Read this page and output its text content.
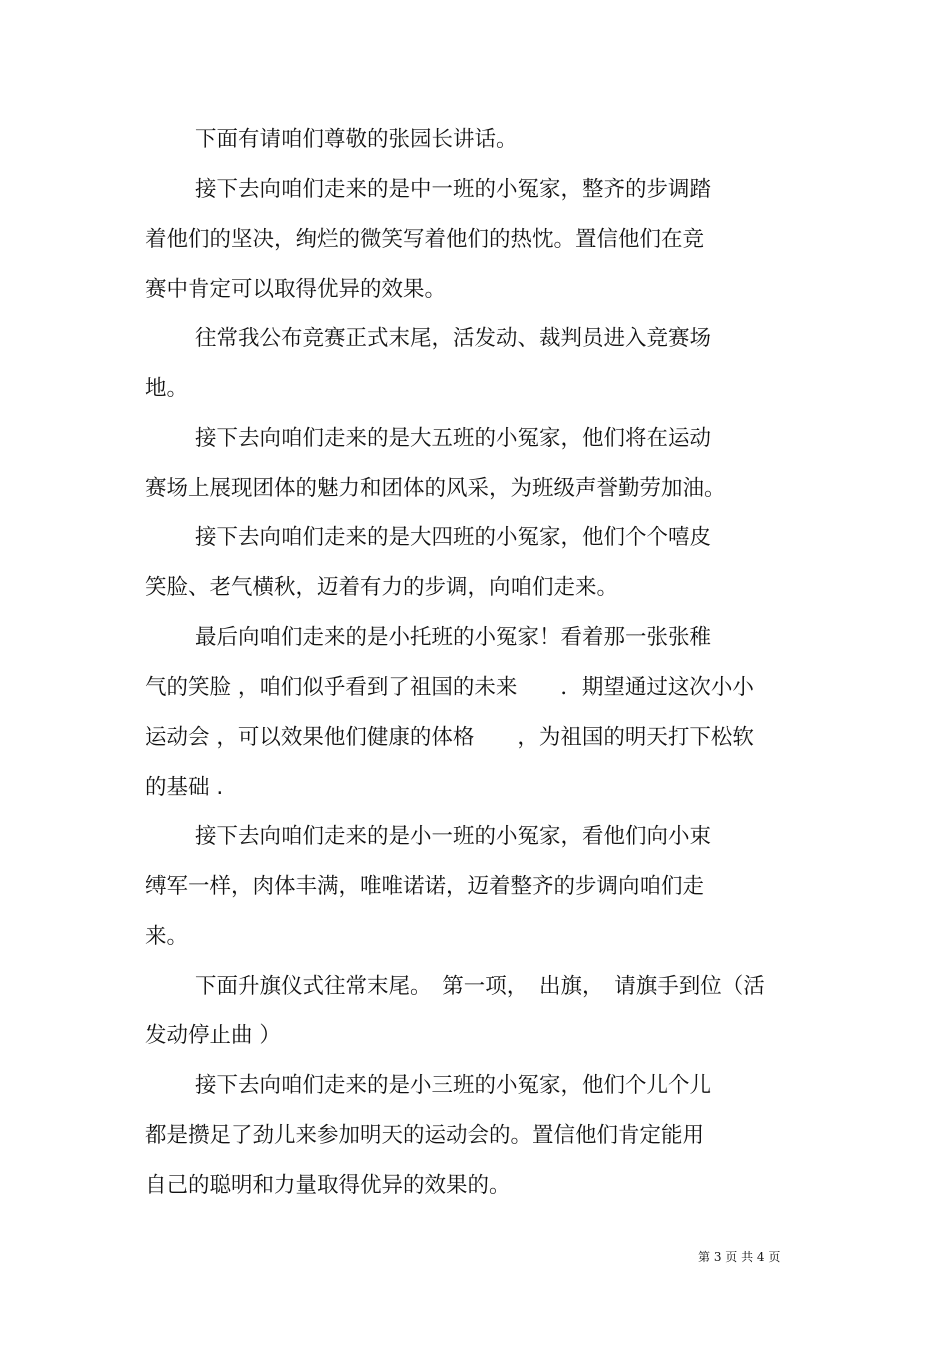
下面有请咱们尊敬的张园长讲话。
接下去向咱们走来的是中一班的小冤家，整齐的步调踏
着他们的坚决，绚烂的微笑写着他们的热忱。置信他们在竞
赛中肯定可以取得优异的效果。
往常我公布竞赛正式末尾，活发动、裁判员进入竞赛场
地。
接下去向咱们走来的是大五班的小冤家，他们将在运动
赛场上展现团体的魅力和团体的风采，为班级声誉勤劳加油。
接下去向咱们走来的是大四班的小冤家，他们个个嘻皮
笑脸、老气横秋，迈着有力的步调，向咱们走来。
最后向咱们走来的是小托班的小冤家！看着那一张张稚
气的笑脸 ，咱们似乎看到了祖国的未来　　．期望通过这次小小
运动会 ，可以效果他们健康的体格　　，为祖国的明天打下松软
的基础 .
接下去向咱们走来的是小一班的小冤家，看他们向小束
缚军一样，肉体丰满，唯唯诺诺，迈着整齐的步调向咱们走
来。
下面升旗仪式往常末尾。　第一项，　出旗，　请旗手到位（活
发动停止曲 ）
接下去向咱们走来的是小三班的小冤家，他们个儿个儿
都是攒足了劲儿来参加明天的运动会的。置信他们肯定能用
自己的聪明和力量取得优异的效果的。
第 3 页 共 4 页
